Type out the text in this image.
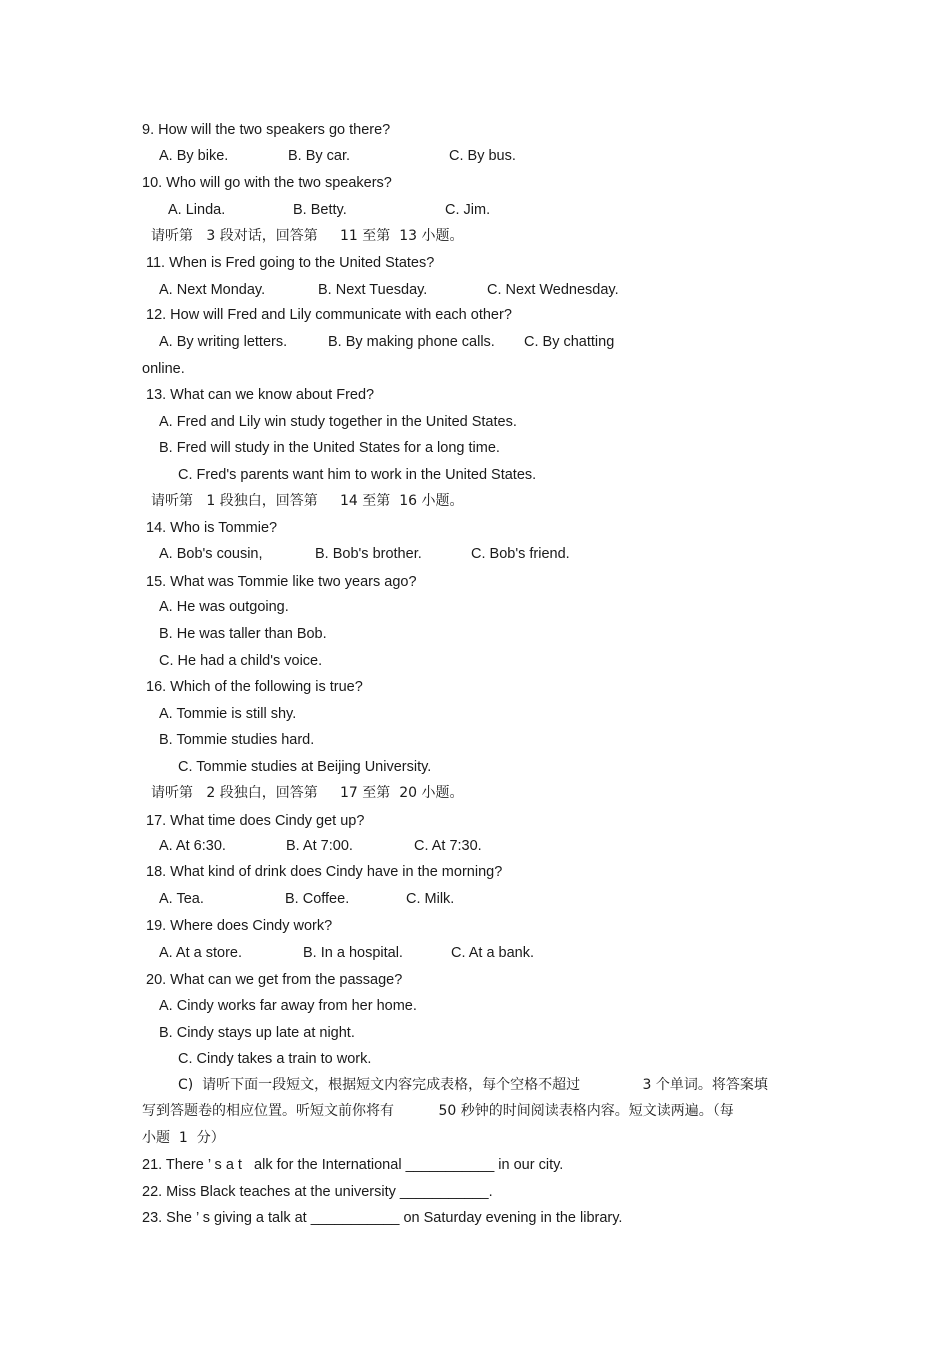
9. How will the two speakers go there?
A. By bike.	B. By car.	C. By bus.
10. Who will go with the two speakers?
A. Linda.	B. Betty.	C. Jim.
请听第 3 段对话，回答第 11 至第 13 小题。
11. When is Fred going to the United States?
A. Next Monday.	B. Next Tuesday.	C. Next Wednesday.
12. How will Fred and Lily communicate with each other?
A. By writing letters.	B. By making phone calls. C. By chatting
online.
13. What can we know about Fred?
A. Fred and Lily win study together in the United States.
B. Fred will study in the United States for a long time.
C. Fred's parents want him to work in the United States.
请听第 1 段独白，回答第 14 至第 16 小题。
14. Who is Tommie?
A. Bob's cousin,	B. Bob's brother.	C. Bob's friend.
15. What was Tommie like two years ago?
A. He was outgoing.
B. He was taller than Bob.
C. He had a child's voice.
16. Which of the following is true?
A. Tommie is still shy.
B. Tommie studies hard.
C. Tommie studies at Beijing University.
请听第 2 段独白，回答第 17 至第 20 小题。
17. What time does Cindy get up?
A. At 6:30.	B. At 7:00.	C. At 7:30.
18. What kind of drink does Cindy have in the morning?
A. Tea.	B. Coffee.	C. Milk.
19. Where does Cindy work?
A. At a store.	B. In a hospital.	C. At a bank.
20. What can we get from the passage?
A. Cindy works far away from her home.
B. Cindy stays up late at night.
C. Cindy takes a train to work.
C)  请听下面一段短文，根据短文内容完成表格，每个空格不超过	3 个单词。将答案填
写到答题卷的相应位置。听短文前你将有	50 秒钟的时间阅读表格内容。短文读两遍。（每
小题  1  分）
21. There ’ s a t   alk for the International ___________ in our city.
22. Miss Black teaches at the university ___________.
23. She ’ s giving a talk at ___________ on Saturday evening in the library.
